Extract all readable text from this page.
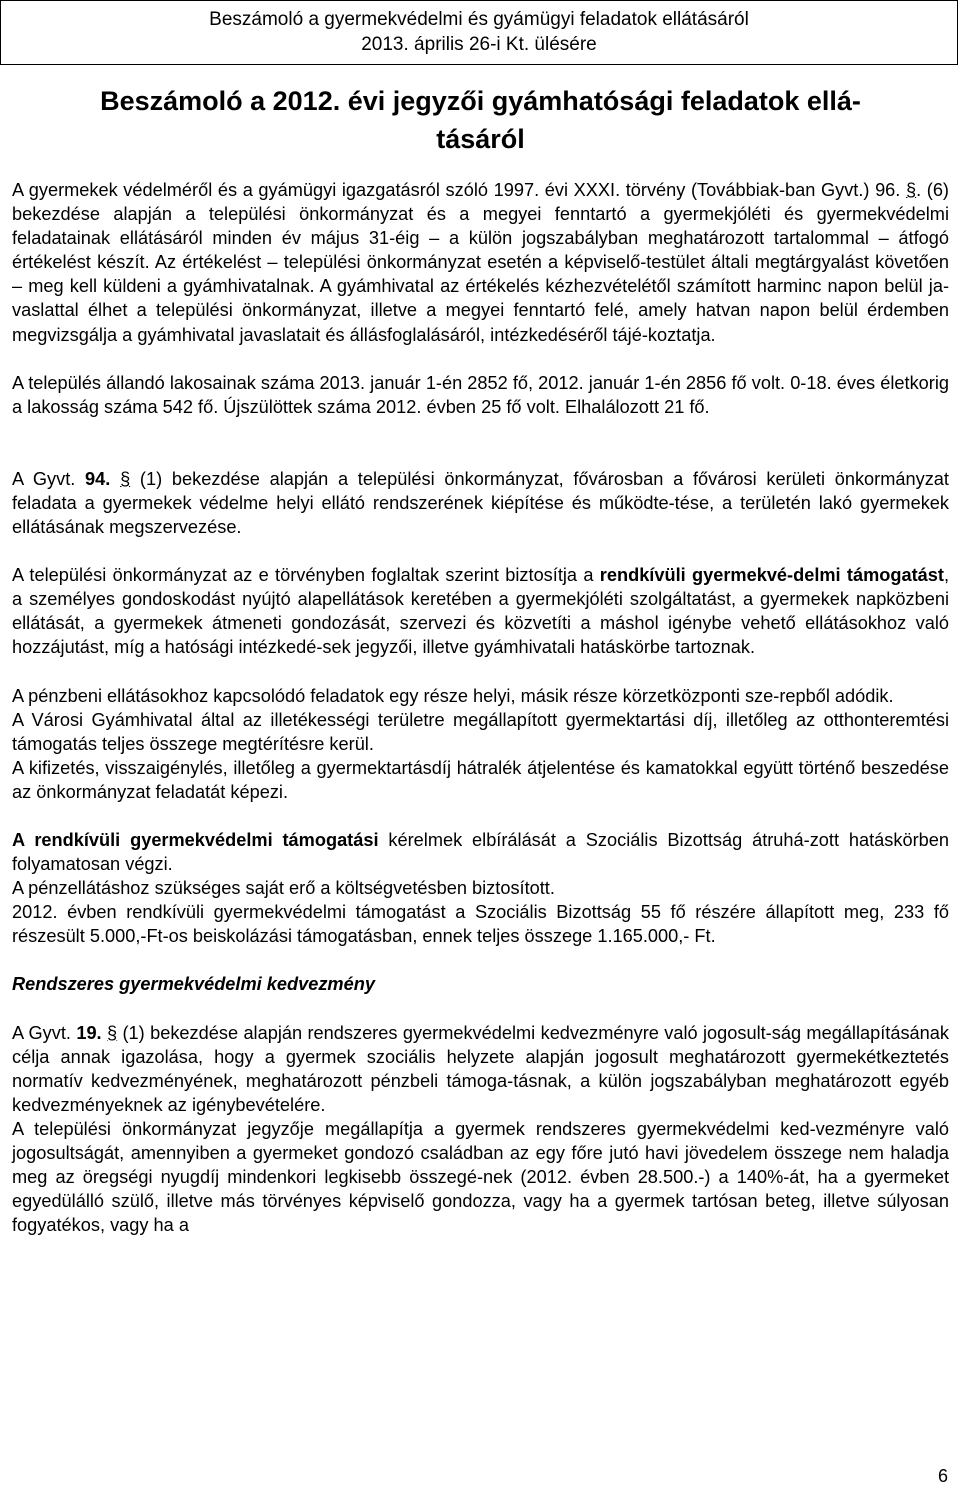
Beszámoló a gyermekvédelmi és gyámügyi feladatok ellátásáról
2013. április 26-i Kt. ülésére
Beszámoló a 2012. évi jegyzői gyámhatósági feladatok ellá-
tásáról

A gyermekek védelméről és a gyámügyi igazgatásról szóló 1997. évi XXXI. törvény (Továbbiak-ban Gyvt.) 96. §. (6) bekezdése alapján a települési önkormányzat és a megyei fenntartó a gyermekjóléti és gyermekvédelmi feladatainak ellátásáról minden év május 31-éig – a külön jogszabályban meghatározott tartalommal – átfogó értékelést készít. Az értékelést – települési önkormányzat esetén a képviselő-testület általi megtárgyalást követően – meg kell küldeni a gyámhivatalnak. A gyámhivatal az értékelés kézhezvételétől számított harminc napon belül ja-vaslattal élhet a települési önkormányzat, illetve a megyei fenntartó felé, amely hatvan napon belül érdemben megvizsgálja a gyámhivatal javaslatait és állásfoglalásáról, intézkedéséről tájé-koztatja.

A település állandó lakosainak száma 2013. január 1-én 2852 fő, 2012. január 1-én 2856 fő volt. 0-18. éves életkorig a lakosság száma 542 fő. Újszülöttek száma 2012. évben 25 fő volt. Elhalálozott 21 fő.

A Gyvt. 94. § (1) bekezdése alapján a települési önkormányzat, fővárosban a fővárosi kerületi önkormányzat feladata a gyermekek védelme helyi ellátó rendszerének kiépítése és működte-tése, a területén lakó gyermekek ellátásának megszervezése.

A települési önkormányzat az e törvényben foglaltak szerint biztosítja a rendkívüli gyermekvé-delmi támogatást, a személyes gondoskodást nyújtó alapellátások keretében a gyermekjóléti szolgáltatást, a gyermekek napközbeni ellátását, a gyermekek átmeneti gondozását, szervezi és közvetíti a máshol igénybe vehető ellátásokhoz való hozzájutást, míg a hatósági intézkedé-sek jegyzői, illetve gyámhivatali hatáskörbe tartoznak.

A pénzbeni ellátásokhoz kapcsolódó feladatok egy része helyi, másik része körzetközponti sze-repből adódik.

A Városi Gyámhivatal által az illetékességi területre megállapított gyermektartási díj, illetőleg az otthonteremtési támogatás teljes összege megtérítésre kerül.

A kifizetés, visszaigénylés, illetőleg a gyermektartásdíj hátralék átjelentése és kamatokkal együtt történő beszedése az önkormányzat feladatát képezi.

A rendkívüli gyermekvédelmi támogatási kérelmek elbírálását a Szociális Bizottság átruhá-zott hatáskörben folyamatosan végzi.

A pénzellátáshoz szükséges saját erő a költségvetésben biztosított.

2012. évben rendkívüli gyermekvédelmi támogatást a Szociális Bizottság 55 fő részére állapított meg, 233 fő részesült 5.000,-Ft-os beiskolázási támogatásban, ennek teljes összege 1.165.000,- Ft.

Rendszeres gyermekvédelmi kedvezmény

A Gyvt. 19. § (1) bekezdése alapján rendszeres gyermekvédelmi kedvezményre való jogosult-ság megállapításának célja annak igazolása, hogy a gyermek szociális helyzete alapján jogosult meghatározott gyermekétkeztetés normatív kedvezményének, meghatározott pénzbeli támoga-tásnak, a külön jogszabályban meghatározott egyéb kedvezményeknek az igénybevételére.

A települési önkormányzat jegyzője megállapítja a gyermek rendszeres gyermekvédelmi ked-vezményre való jogosultságát, amennyiben a gyermeket gondozó családban az egy főre jutó havi jövedelem összege nem haladja meg az öregségi nyugdíj mindenkori legkisebb összegé-nek (2012. évben 28.500.-) a 140%-át, ha a gyermeket egyedülálló szülő, illetve más törvényes képviselő gondozza, vagy ha a gyermek tartósan beteg, illetve súlyosan fogyatékos, vagy ha a

6
